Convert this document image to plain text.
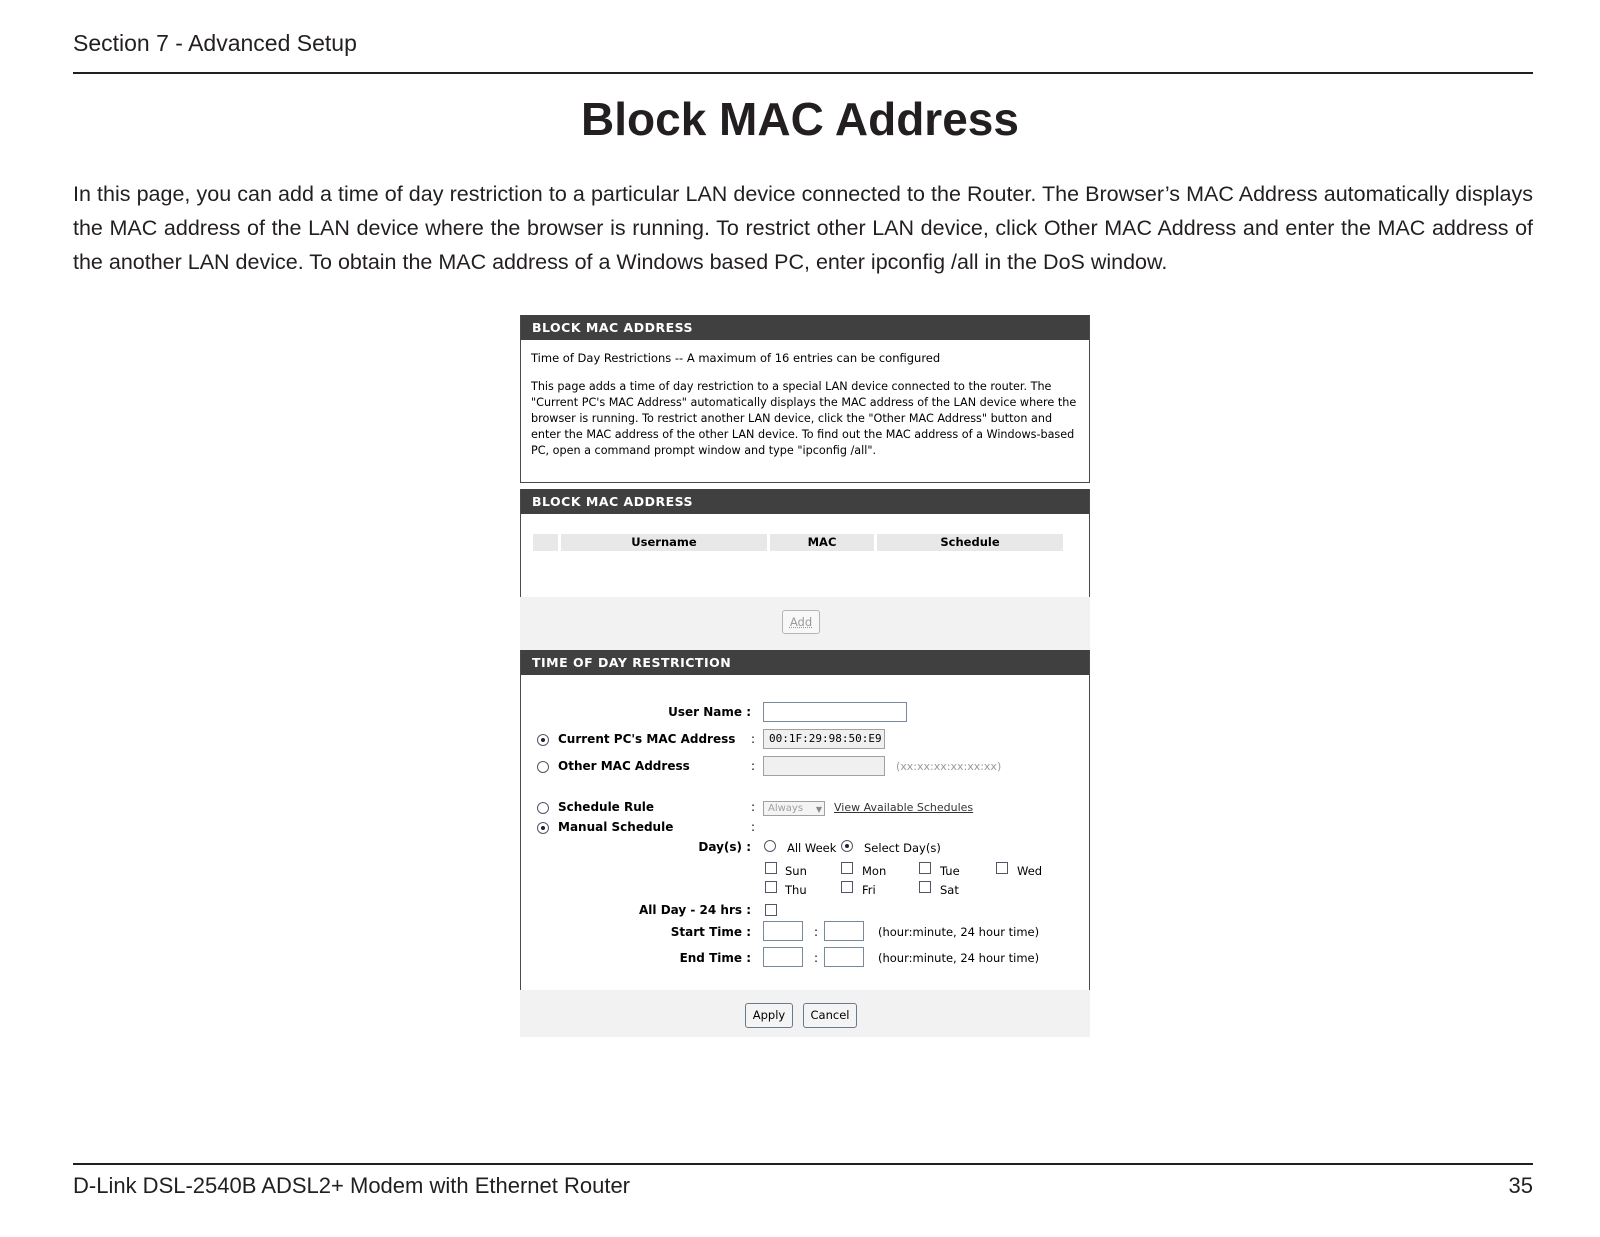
Section 7 - Advanced Setup
Block MAC Address
In this page, you can add a time of day restriction to a particular LAN device connected to the Router. The Browser’s MAC Address automatically displays the MAC address of the LAN device where the browser is running. To restrict other LAN device, click Other MAC Address and enter the MAC address of the another LAN device. To obtain the MAC address of a Windows based PC, enter ipconfig /all in the DoS window.
BLOCK MAC ADDRESS
Time of Day Restrictions -- A maximum of 16 entries can be configured
This page adds a time of day restriction to a special LAN device connected to the router. The "Current PC's MAC Address" automatically displays the MAC address of the LAN device where the browser is running. To restrict another LAN device, click the "Other MAC Address" button and enter the MAC address of the other LAN device. To find out the MAC address of a Windows-based PC, open a command prompt window and type "ipconfig /all".
BLOCK MAC ADDRESS
Username	MAC	Schedule
Add
TIME OF DAY RESTRICTION
User Name :
Current PC's MAC Address :	00:1F:29:98:50:E9
Other MAC Address	:	(xx:xx:xx:xx:xx:xx)
Schedule Rule	:	Always ▼ View Available Schedules
Manual Schedule	:
Day(s) :	All Week Select Day(s)
Sun	Mon	Tue	Wed
Thu	Fri	Sat
All Day - 24 hrs :
Start Time :	:	(hour:minute, 24 hour time)
End Time :	:	(hour:minute, 24 hour time)
Apply	Cancel
D-Link DSL-2540B ADSL2+ Modem with Ethernet Router	35
